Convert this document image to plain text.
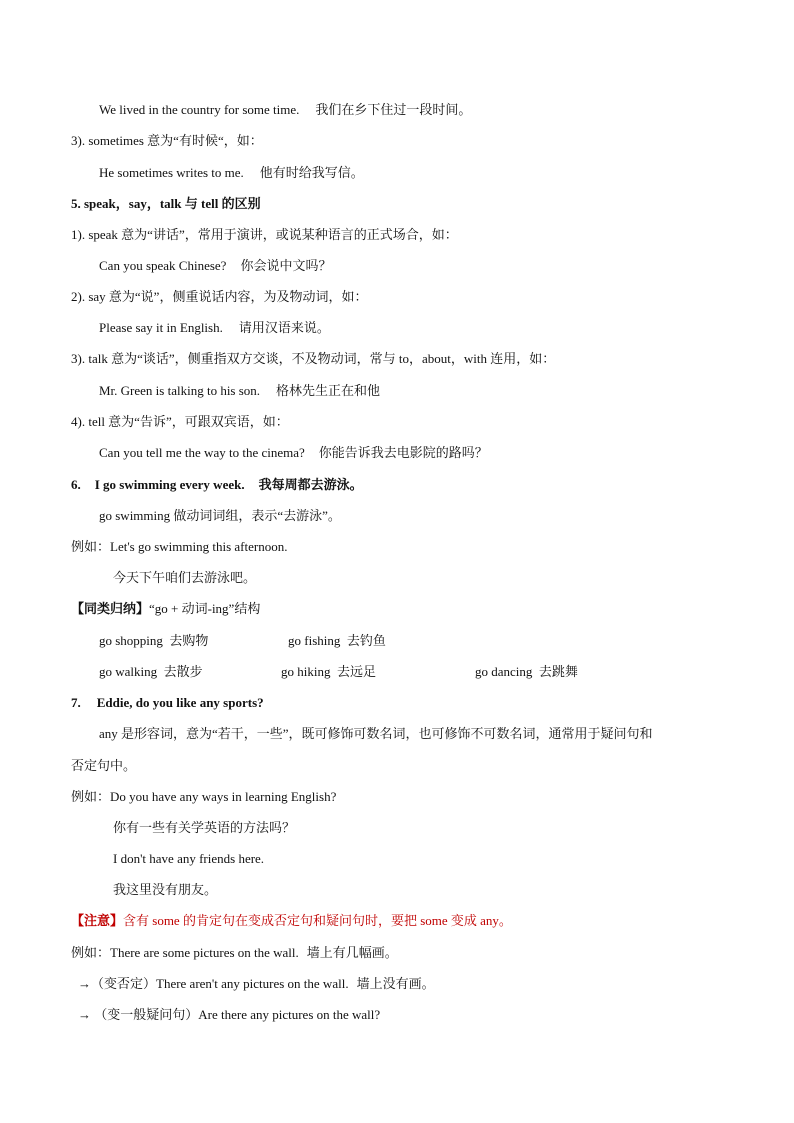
We lived in the country for some time. 我们在乡下住过一段时间。
3). sometimes 意为“有时候“，如：
He sometimes writes to me. 他有时给我写信。
5. speak，say，talk 与 tell 的区别
1). speak 意为“讲话”，常用于演讲，或说某种语言的正式场合，如：
Can you speak Chinese? 你会说中文吗？
2). say 意为“说”，侧重说话内容，为及物动词，如：
Please say it in English. 请用汉语来说。
3). talk 意为“谈话”，侧重指双方交谈，不及物动词，常与 to，about，with 连用，如：
Mr. Green is talking to his son. 格林先生正在和他
4). tell 意为“告诉”，可跟双宾语，如：
Can you tell me the way to the cinema? 你能告诉我去电影院的路吗？
6. I go swimming every week. 我每周都去游泳。
go swimming 做动词词组，表示“去游泳”。
例如：Let's go swimming this afternoon.
今天下午咱们去游泳吧。
【同类归纳】“go + 动词-ing”结构
go shopping 去购物	go fishing 去钓鱼
go walking 去散步	go hiking 去远足	go dancing 去跳舞
7. Eddie, do you like any sports?
any 是形容词，意为“若干，一些”，既可修饰可数名词，也可修饰不可数名词，通常用于疑问句和
否定句中。
例如：Do you have any ways in learning English?
你有一些有关学英语的方法吗？
I don't have any friends here.
我这里没有朋友。
【注意】含有 some 的肯定句在变成否定句和疑问句时，要把 some 变成 any。
例如：There are some pictures on the wall. 墙上有几幅画。
→（变否定）There aren't any pictures on the wall. 墙上没有画。
→ （变一般疑问句）Are there any pictures on the wall?
